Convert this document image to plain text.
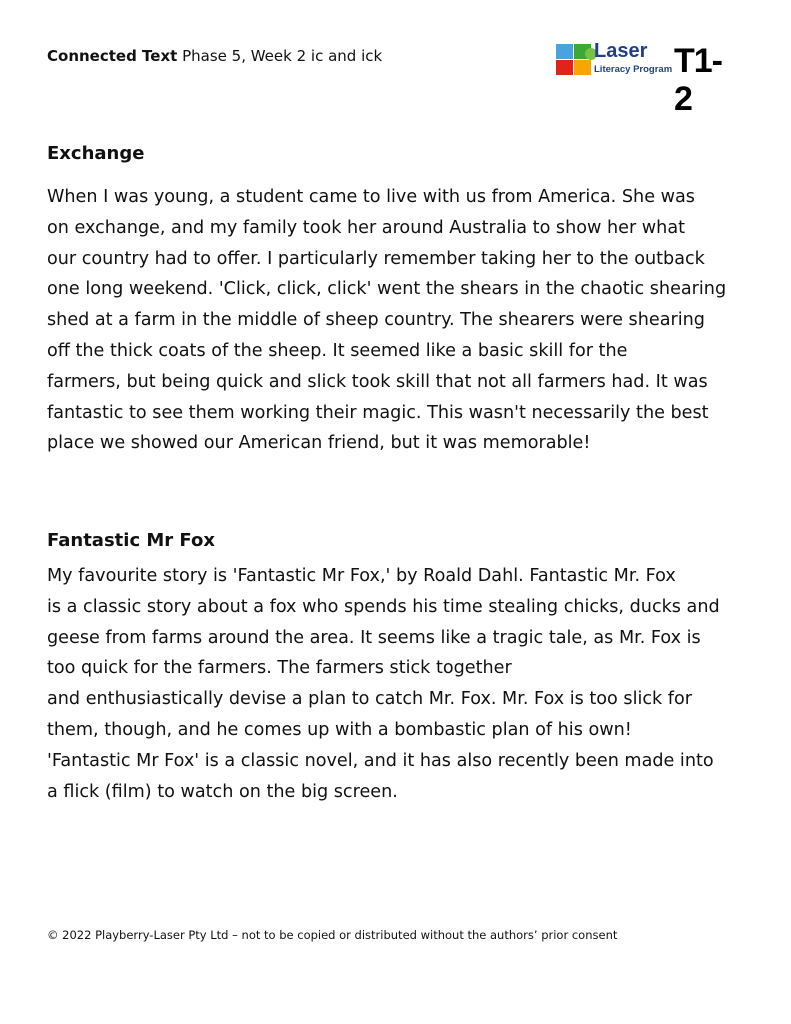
Connected Text Phase 5, Week 2 ic and ick	Laser
Literacy Program T1-2
Exchange
When I was young, a student came to live with us from America. She was
on exchange, and my family took her around Australia to show her what
our country had to offer. I particularly remember taking her to the outback
one long weekend. 'Click, click, click' went the shears in the chaotic shearing
shed at a farm in the middle of sheep country. The shearers were shearing
off the thick coats of the sheep. It seemed like a basic skill for the
farmers, but being quick and slick took skill that not all farmers had. It was
fantastic to see them working their magic. This wasn't necessarily the best
place we showed our American friend, but it was memorable!
Fantastic Mr Fox
My favourite story is 'Fantastic Mr Fox,' by Roald Dahl. Fantastic Mr. Fox
is a classic story about a fox who spends his time stealing chicks, ducks and
geese from farms around the area. It seems like a tragic tale, as Mr. Fox is
too quick for the farmers. The farmers stick together
and enthusiastically devise a plan to catch Mr. Fox. Mr. Fox is too slick for
them, though, and he comes up with a bombastic plan of his own!
'Fantastic Mr Fox' is a classic novel, and it has also recently been made into
a flick (film) to watch on the big screen.
© 2022 Playberry-Laser Pty Ltd – not to be copied or distributed without the authors’ prior consent
